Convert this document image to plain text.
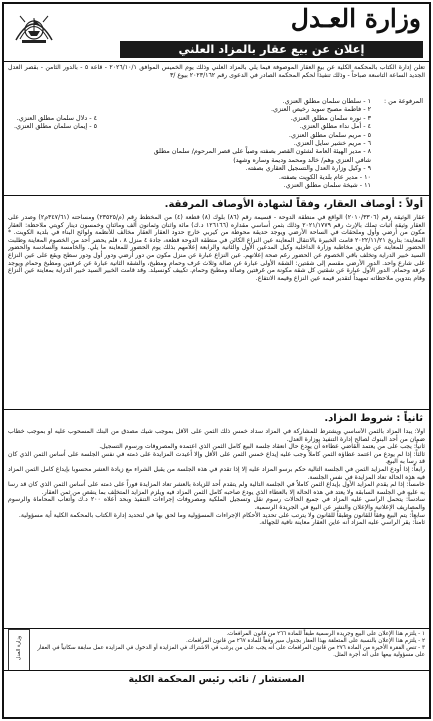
وزارة العـدل
إعلان عن بيع عقار بالمزاد العلني
تعلن إدارة الكتاب بالمحكمة الكلية عن بيع العقار الموصوفة فيما يلي بالمزاد العلني وذلك يوم الخميس الموافق ٢٠٢٦/١٠/١ - قاعة ٥ - بالدور الثامن - بقصر العدل الجديد الساعة التاسعة صباحاً - وذلك تنفيذاً لحكم المحكمة الصادر في الدعوى رقم ٢٠٢٣/١٦٢ بيوع /٣
المرفوعة من :
١ - سلطان سلمان مطلق العنزي.
٢ - فاطمة مصبح سويد رخيص العنزي.
٣ - نوره سلمان مطلق العنزي.
٤ - أمل نداء مطلق العنزي.
٥ - مريم سلمان مطلق العنزي.
٦ - مريم خشير سايل العنزي.
٨ - مدير الهيئة العامة لشئون القصر بصفته وصياً على قصر المرحوم/ سلمان مطلق
شافي العنزي وهم/ خالد ومحمد وديمة وساره وشهد)
٩ - وكيل وزارة العدل والتسجيل العقاري بصفته.
١٠ - مدير عام بلدية الكويت بصفته.
١١ - شيخة سلمان مطلق العنزي.
٤ - دلال سلمان مطلق العنزي.
٥ - إيمان سلمان مطلق العنزي.
أولاً : أوصاف العقار، وفقاً لشهادة الأوصاف المرفقة.
عقار الوثيقة رقم (٢٠١٠/٣٣٠٦) الواقع في منطقة الدوحة - قسيمة رقم (٨٦) بلوك (٨) قطعة (٤) من المخطط رقم (م/٢٣٥٢٥) ومساحته (٣٤٧/٦١م٢) وصدر على العقار وثيقة أثبات تملك بالإرث رقم ٢٠٢١/١٧٧٩ وذلك بثمن أساسي مقداره (١٢٦١٦٦ د.ك) مائة واثنان وثمانون ألف ومائتان وخمسون دينار كويتي ملاحظة: العقار مكون من أرضي وأول وملحقات في الساحة الأرضي ويوجد حديقة محوطة من كيربي خارج حدود العقار العقار مخالف للأنظمة ولوائح البناء في بلدية الكويت. * المعاينة: بتاريخ ٢٠٢٢/١١/٢١ قامت الخبيرة بالانتقال المعاينة عين النزاع الكائن في منطقة الدوحة قطعة، جادة ٤ منزل ٨ ، فلم يحضر أحد من الخصوم المعاينة وطلبت الحضور للمعاينة عن طريق مخاطبة وزارة الداخلية وكيل المدعين الأول والثانية والرابعة إعلامهم بذلك يوم الحضور للمعاينة ما يلي. والخامسة والسادسة والحضور السيد خبير الدراية وتخلف باقي الخصوم عن الحضور رغم صحة إعلانهم. عين النزاع عبارة عن منزل مكون من دور أرضي ودور أول ودور سطح ويقع على عين النزاع على شارع واحد. الدور الأرضي مقسم إلى شقتين: الشقة الأولى عبارة عن صالة وثلاث غرف وحمام ومطبخ، والشقة الثانية عبارة عن غرفتين ومطبخ وحمام ويوجد غرفة وحمام. الدور الأول عبارة عن شقتين كل شقة مكونة من غرفتين وصالة ومطبخ وحمام. تكييف كونسيلد. وقد قامت الخبير السيد خبير الدراية بمعاينة عين النزاع وقام بتدوين ملاحظاته تمهيداً لتقدير قيمة عين النزاع وقيمة الانتفاع.
ثانياً : شروط المزاد.
أولاً: يبدأ المزاد بالثمن الأساسي ويشترط للمشاركة في المزاد سداد خمس ذلك الثمن على الأقل بموجب شيك مصدق من البنك المسحوب عليه أو بموجب خطاب ضمان من أحد البنوك لصالح إدارة التنفيذ بوزارة العدل.
ثانياً: يجب على من يعتمد القاضي عطاءه أن يودع حال انعقاد جلسة البيع كامل الثمن الذي اعتمده والمصروفات ورسوم التسجيل.
ثالثاً: إذا لم يودع من اعتمد عطاؤه الثمن كاملاً وجب عليه إيداع خمس الثمن على الأقل وإلا أعيدت المزايدة على ذمته في نفس الجلسة على أساس الثمن الذي كان قد رسا به البيع.
رابعاً: إذا أودع المزايد الثمن في الجلسة التالية حكم برسو المزاد عليه إلا إذا تقدم في هذه الجلسة من يقبل الشراء مع زيادة العشر محسوبا بإيداع كامل الثمن المزاد فيه هذه الحالة تعاد المزايدة في نفس الجلسة.
خامساً: إذا لم يقدم المزايد الأول بإيداع الثمن كاملاً في الجلسة التالية ولم يتقدم أحد للزيادة بالعشر تعاد المزايدة فوراً على ذمته على أساس الثمن الذي كان قد رسا به عليه في الجلسة السابقة ولا يعتد في هذه الحالة إلا بالعطاء الذي يودع صاحبه كامل الثمن المزاد فيه ويلزم المزايد المتخلف بما ينقص من ثمن العقار.
سادساً: يتحمل الراسي عليه المزاد في جميع الحالات رسوم نقل وتسجيل الملكية ومصروفات إجراءات التنفيذ وبحد أعلاه ٢٠٠ د.ك وأتعاب المحاماة والرسوم والمصاريف الإعلانية والإعلان والنشر عن البيع في الجريدة الرسمية.
سابعاً: يتم البيع وفقاً للقانون وطبقاً للقانون ولا يترتب على تحديد الأحكام الإجراءات المسؤولية وما لحق بها في لتحديد إدارة الكتاب بالمحكمة الكلية أية مسؤولية.
ثامناً: يقر الراسي عليه المزاد أنه عاين العقار معاينة نافية للجهالة.
وزارة العدل
١ - يلتزم هذا الإعلان على البيع وجريدة الرسمية طبقاً للمادة ٢٦٦ من قانون المرافعات.
٢ - يلتزم هذا الإعلان بالنسبة على المتعلقة بهذا العقار بجدول سير وفقاً للمادة ٢٦٧ من قانون المرافعات.
٣ - تنص الفقرة الأخيرة من المادة ٢٧٦ من قانون المرافعات على أنه يجب على من يرغب في الاشتراك في المزايدة أو الدخول في المزايدة عمل سابقة سكانياً في العقار على مسؤولية بيعها على أنه أجرة المثل.
المستشار / نائب رئيس المحكمة الكلية
